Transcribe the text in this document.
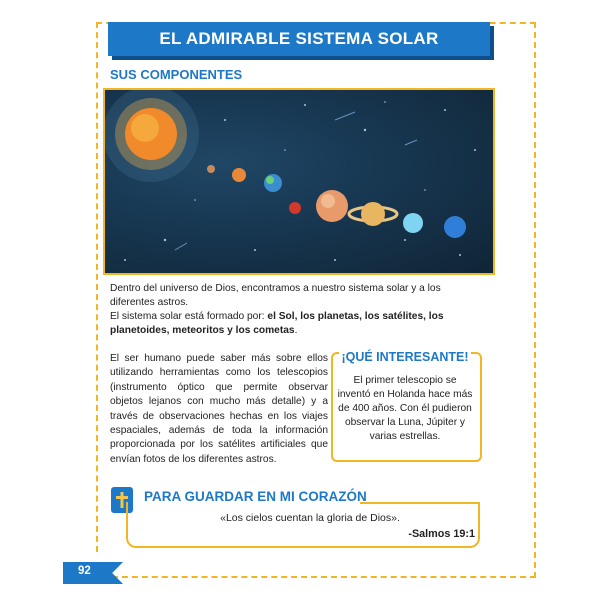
EL ADMIRABLE SISTEMA SOLAR
SUS COMPONENTES
Dentro del universo de Dios, encontramos a nuestro sistema solar y a los diferentes astros.
El sistema solar está formado por: el Sol, los planetas, los satélites, los planetoides, meteoritos y los cometas.
El ser humano puede saber más sobre ellos utilizando herramientas como los telescopios (instrumento óptico que permite observar objetos lejanos con mucho más detalle) y a través de observaciones hechas en los viajes espaciales, además de toda la información proporcionada por los satélites artificiales que envían fotos de los diferentes astros.
¡QUÉ INTERESANTE!
El primer telescopio se inventó en Holanda hace más de 400 años. Con él pudieron observar la Luna, Júpiter y varias estrellas.
PARA GUARDAR EN MI CORAZÓN
«Los cielos cuentan la gloria de Dios».
-Salmos 19:1
92
